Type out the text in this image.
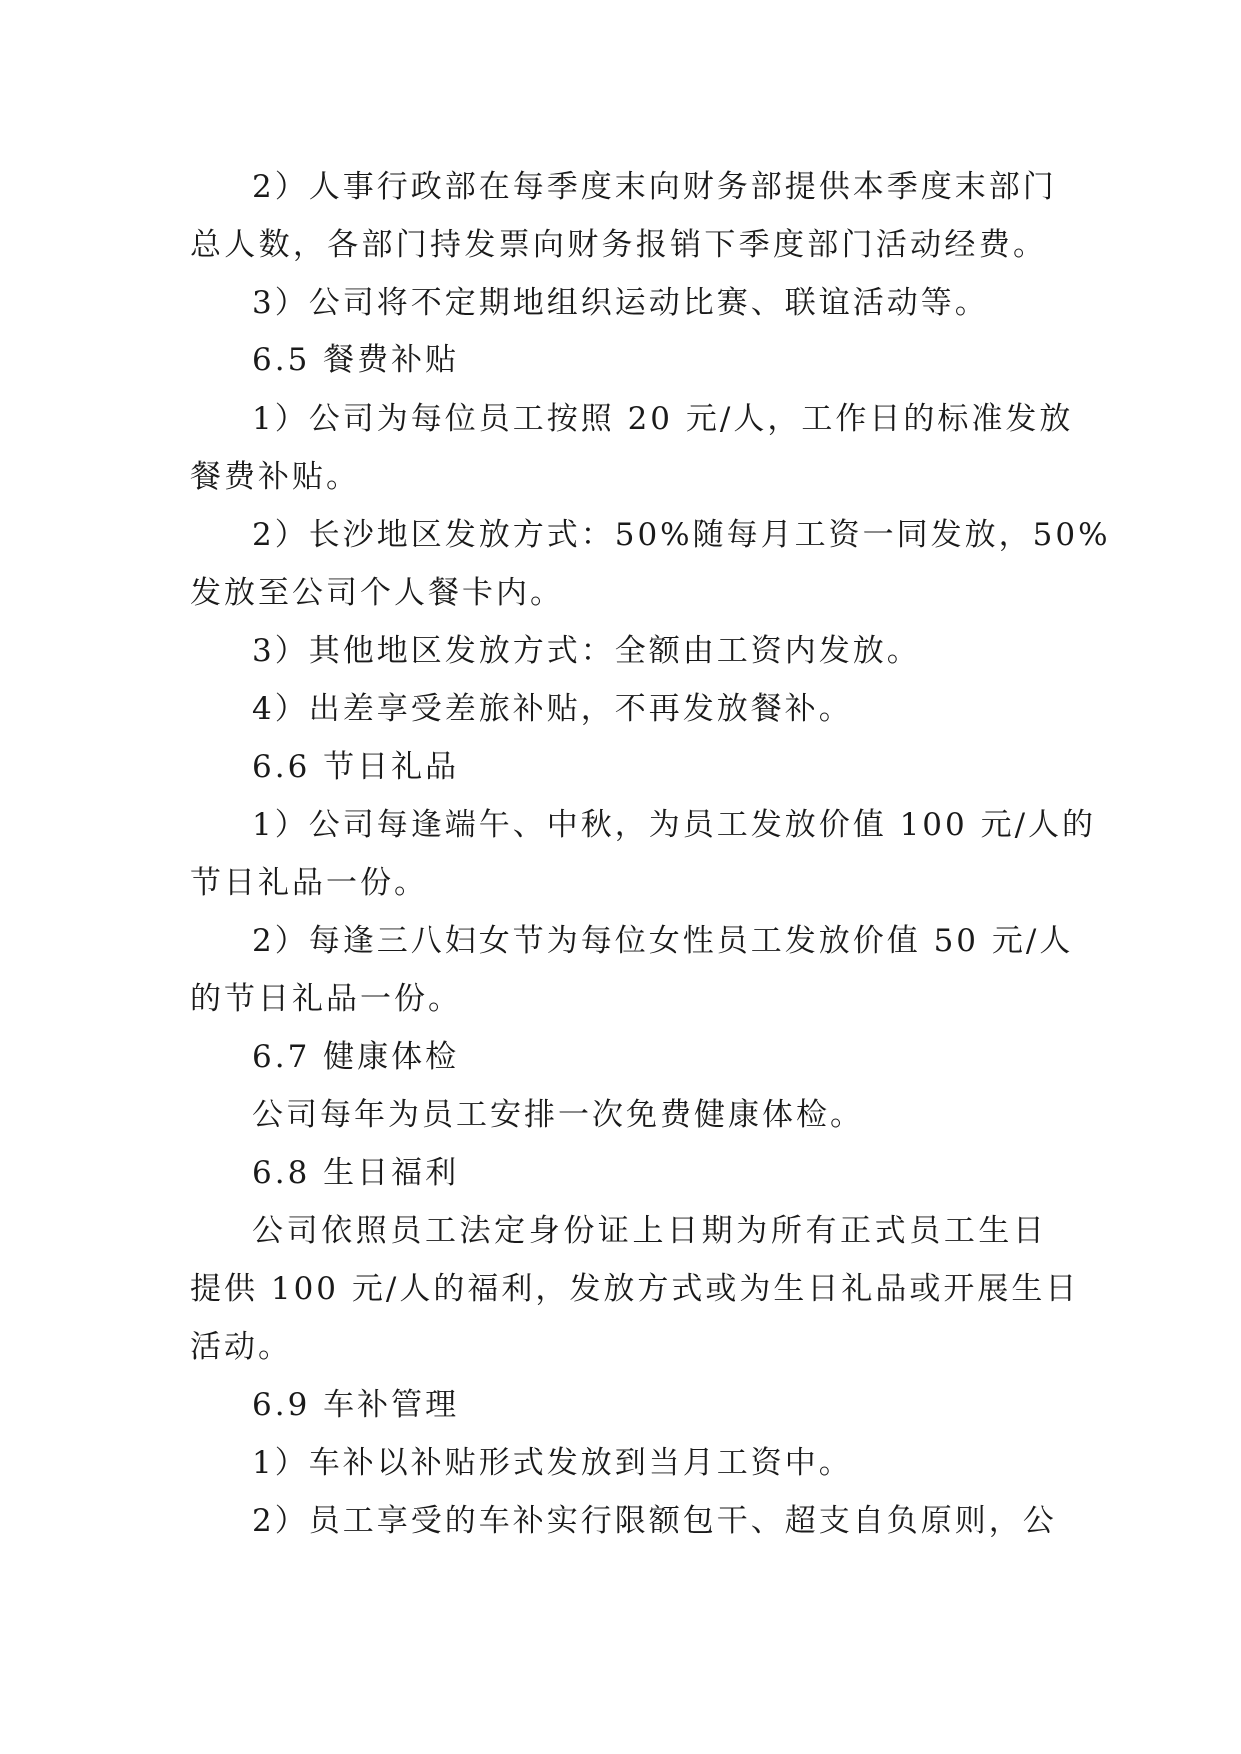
2）人事行政部在每季度末向财务部提供本季度末部门
总人数，各部门持发票向财务报销下季度部门活动经费。
3）公司将不定期地组织运动比赛、联谊活动等。
6.5 餐费补贴
1）公司为每位员工按照 20 元/人，工作日的标准发放
餐费补贴。
2）长沙地区发放方式：50%随每月工资一同发放，50%
发放至公司个人餐卡内。
3）其他地区发放方式：全额由工资内发放。
4）出差享受差旅补贴，不再发放餐补。
6.6 节日礼品
1）公司每逢端午、中秋，为员工发放价值 100 元/人的
节日礼品一份。
2）每逢三八妇女节为每位女性员工发放价值 50 元/人
的节日礼品一份。
6.7 健康体检
公司每年为员工安排一次免费健康体检。
6.8 生日福利
公司依照员工法定身份证上日期为所有正式员工生日
提供 100 元/人的福利，发放方式或为生日礼品或开展生日
活动。
6.9 车补管理
1）车补以补贴形式发放到当月工资中。
2）员工享受的车补实行限额包干、超支自负原则，公
